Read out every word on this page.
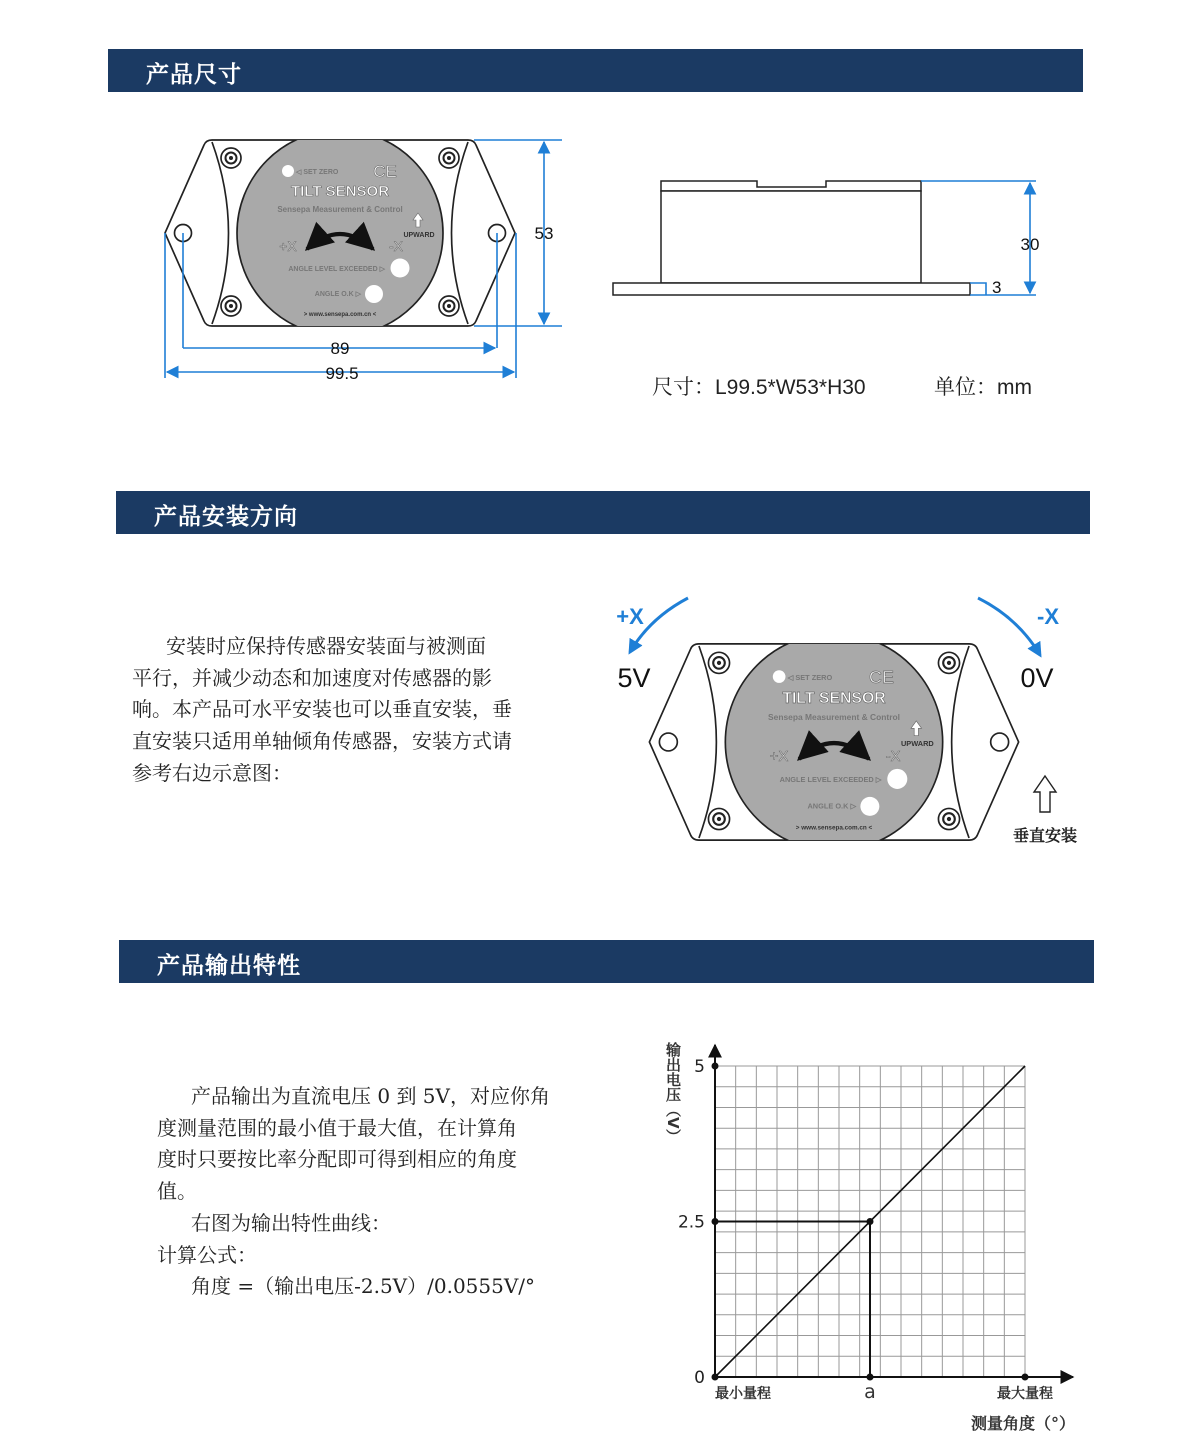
产品尺寸
产品安装方向
产品输出特性
◁ SET ZERO CE
TILT SENSOR
Sensepa Measurement & Control
UPWARD
+X	-X
ANGLE LEVEL EXCEEDED ▷
ANGLE O.K ▷
> www.sensepa.com.cn <
53
89
99.5
30
3
◁ SET ZERO CE
TILT SENSOR
Sensepa Measurement & Control
UPWARD
+X	-X
ANGLE LEVEL EXCEEDED ▷
ANGLE O.K ▷
> www.sensepa.com.cn <
+X	-X
5V	0V
垂直安装
0
2.5
5
最小量程	a	最大量程
测量角度（°）
输出电压（V）
尺寸：L99.5*W53*H30	单位：mm
安装时应保持传感器安装面与被测面
平行，并减少动态和加速度对传感器的影
响。本产品可水平安装也可以垂直安装，垂
直安装只适用单轴倾角传感器，安装方式请
参考右边示意图：
产品输出为直流电压 0 到 5V，对应你角
度测量范围的最小值于最大值，在计算角
度时只要按比率分配即可得到相应的角度
值。
右图为输出特性曲线：
计算公式：
角度 =（输出电压-2.5V）/0.0555V/°
